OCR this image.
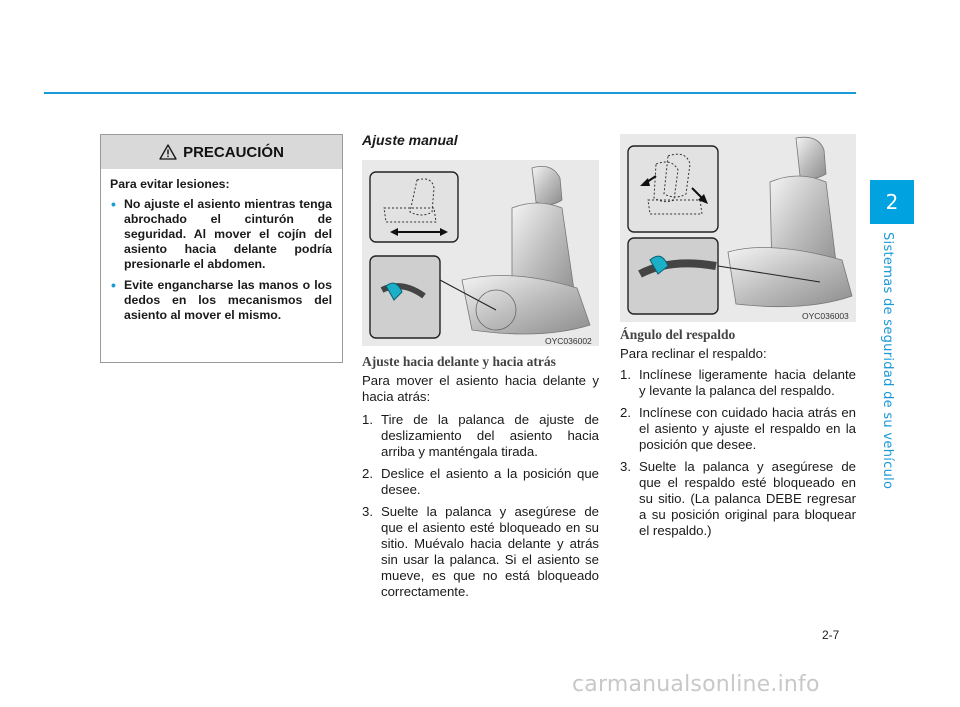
2
Sistemas de seguridad de su vehículo
PRECAUCIÓN

Para evitar lesiones:

• No ajuste el asiento mientras tenga abrochado el cinturón de seguridad. Al mover el cojín del asiento hacia delante podría presionarle el abdomen.
• Evite engancharse las manos o los dedos en los mecanismos del asiento al mover el mismo.
Ajuste manual
OYC036002
Ajuste hacia delante y hacia atrás

Para mover el asiento hacia delante y hacia atrás:

1. Tire de la palanca de ajuste de deslizamiento del asiento hacia arriba y manténgala tirada.
2. Deslice el asiento a la posición que desee.
3. Suelte la palanca y asegúrese de que el asiento esté bloqueado en su sitio. Muévalo hacia delante y atrás sin usar la palanca. Si el asiento se mueve, es que no está bloqueado correctamente.
OYC036003
Ángulo del respaldo

Para reclinar el respaldo:

1. Inclínese ligeramente hacia delante y levante la palanca del respaldo.
2. Inclínese con cuidado hacia atrás en el asiento y ajuste el respaldo en la posición que desee.
3. Suelte la palanca y asegúrese de que el respaldo esté bloqueado en su sitio. (La palanca DEBE regresar a su posición original para bloquear el respaldo.)
2-7
carmanualsonline.info
